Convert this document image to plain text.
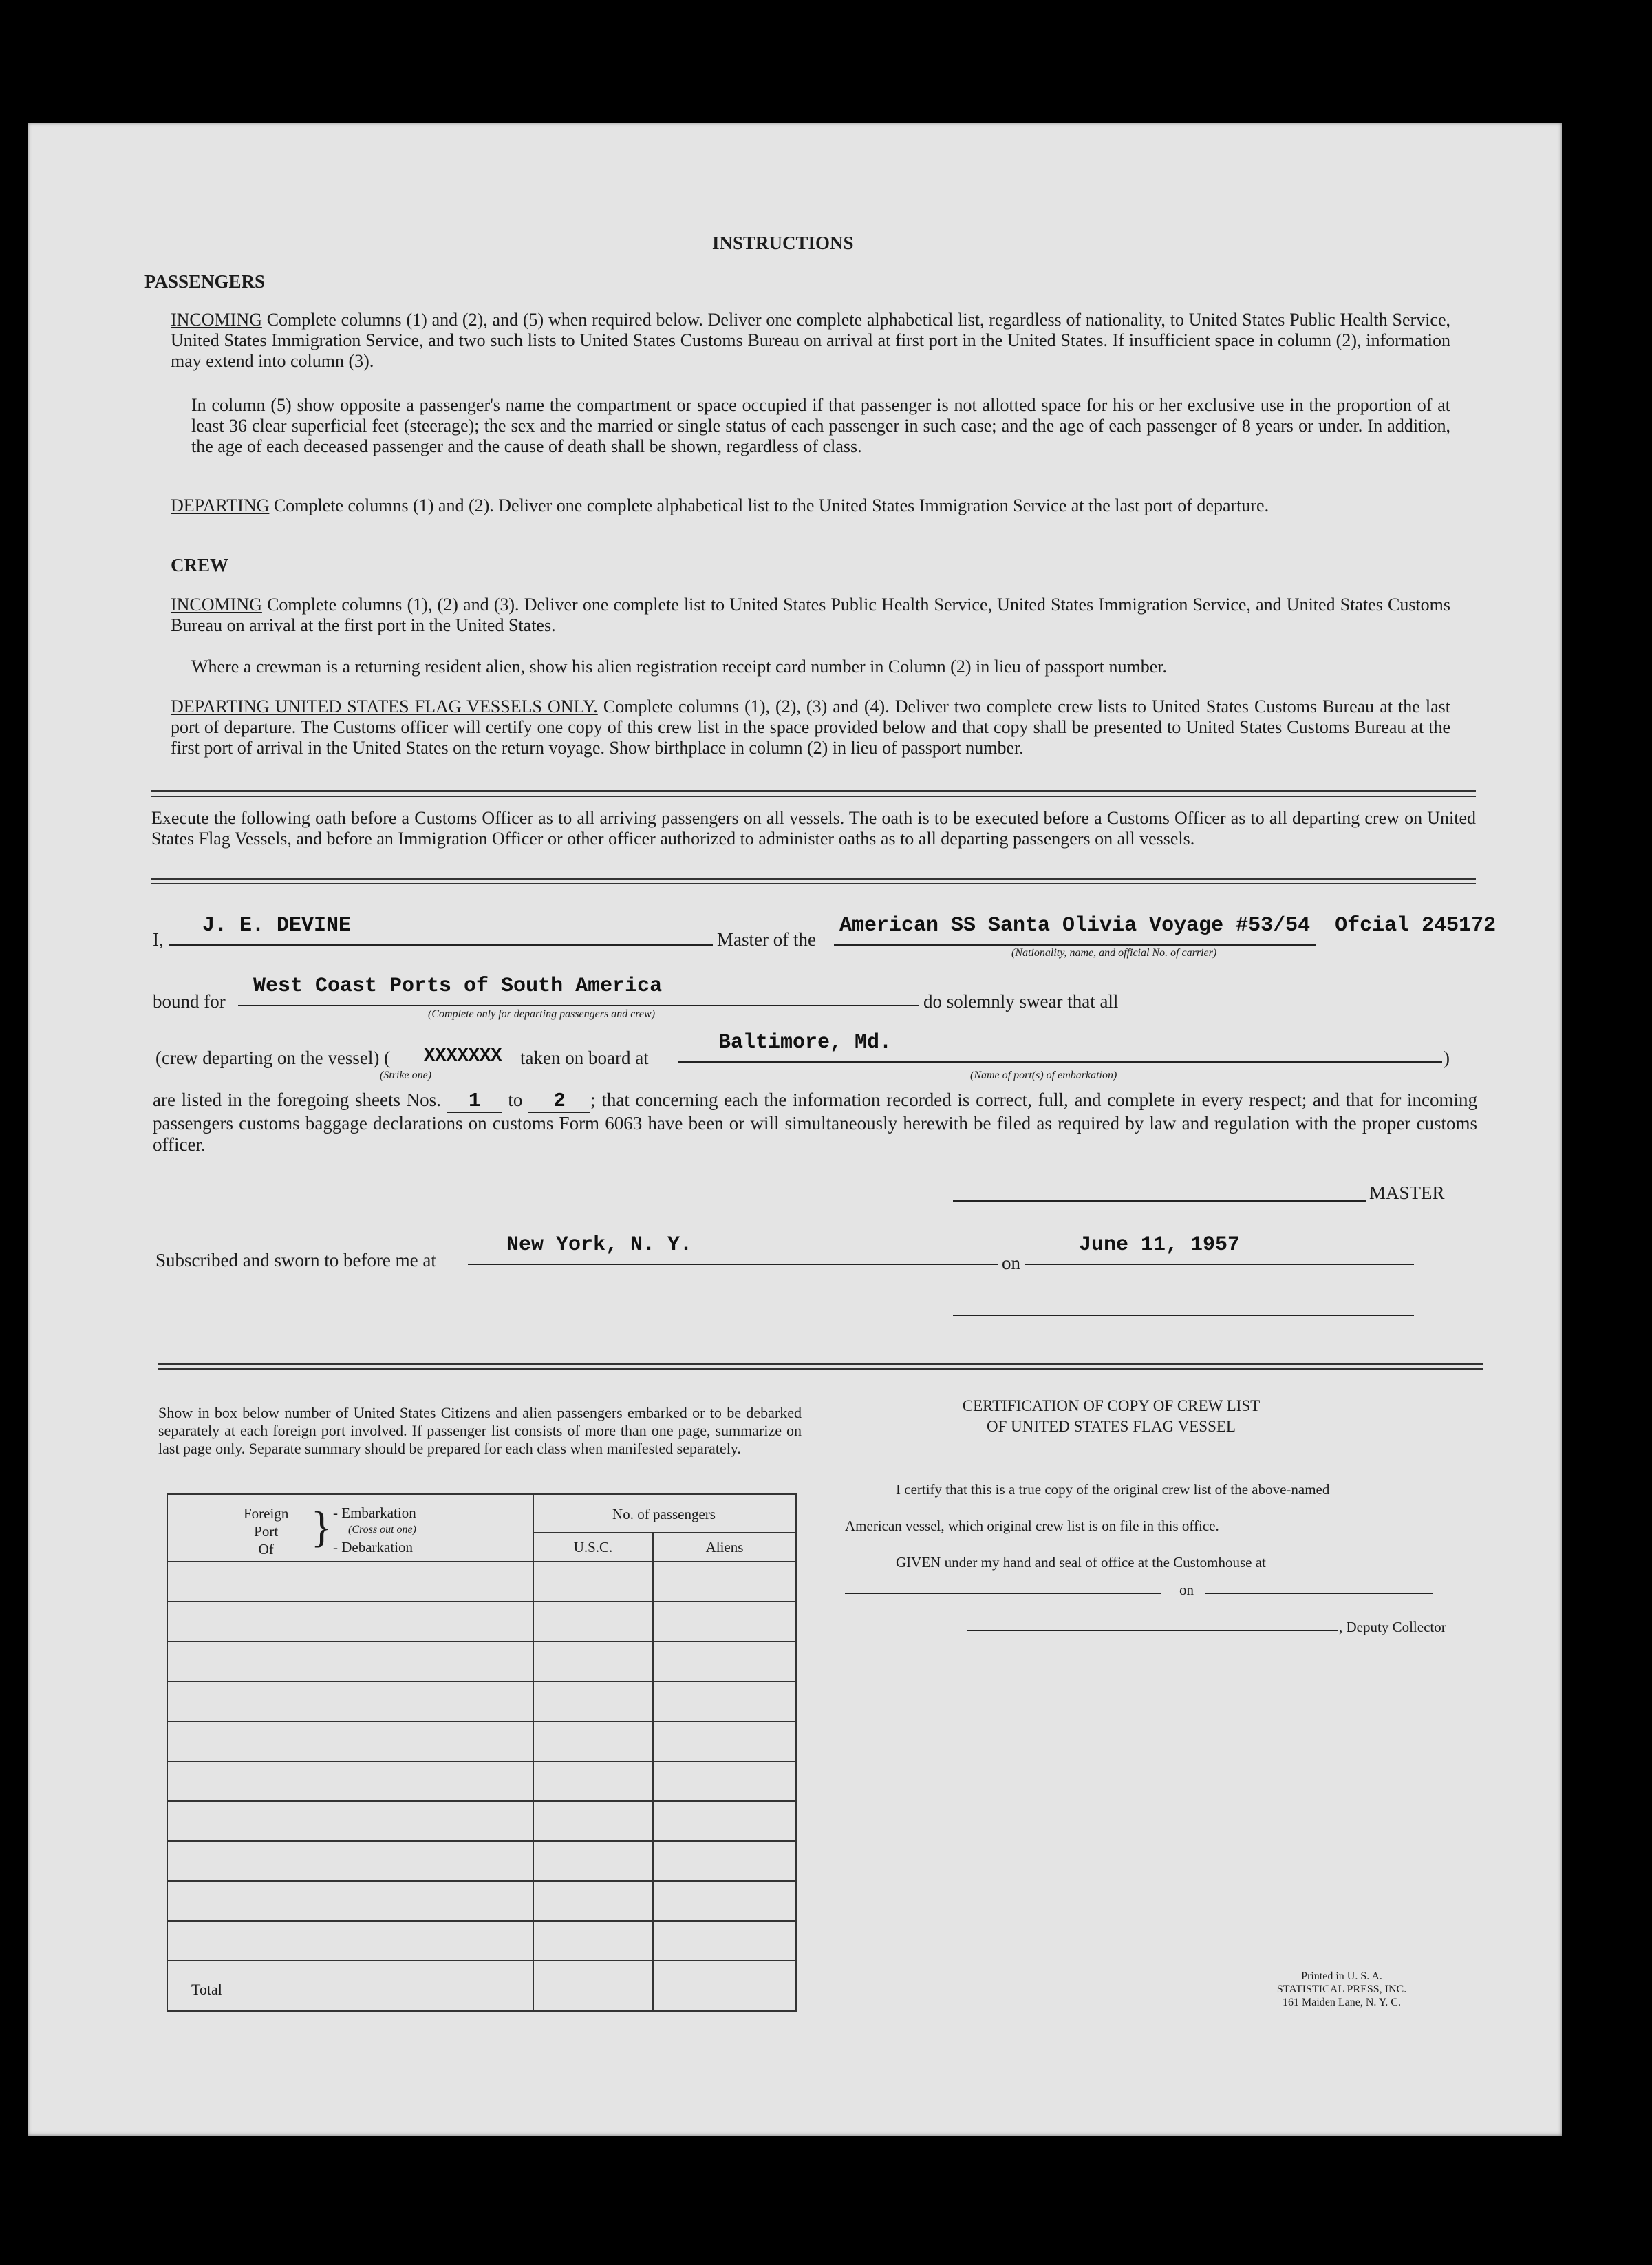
INSTRUCTIONS
PASSENGERS

INCOMING Complete columns (1) and (2), and (5) when required below. Deliver one complete alphabetical list, regardless of nationality, to United States Public Health Service, United States Immigration Service, and two such lists to United States Customs Bureau on arrival at first port in the United States. If insufficient space in column (2), information may extend into column (3).

In column (5) show opposite a passenger's name the compartment or space occupied if that passenger is not allotted space for his or her exclusive use in the proportion of at least 36 clear superficial feet (steerage); the sex and the married or single status of each passenger in such case; and the age of each passenger of 8 years or under. In addition, the age of each deceased passenger and the cause of death shall be shown, regardless of class.

DEPARTING Complete columns (1) and (2). Deliver one complete alphabetical list to the United States Immigration Service at the last port of departure.

CREW

INCOMING Complete columns (1), (2) and (3). Deliver one complete list to United States Public Health Service, United States Immigration Service, and United States Customs Bureau on arrival at the first port in the United States.

Where a crewman is a returning resident alien, show his alien registration receipt card number in Column (2) in lieu of passport number.

DEPARTING UNITED STATES FLAG VESSELS ONLY. Complete columns (1), (2), (3) and (4). Deliver two complete crew lists to United States Customs Bureau at the last port of departure. The Customs officer will certify one copy of this crew list in the space provided below and that copy shall be presented to United States Customs Bureau at the first port of arrival in the United States on the return voyage. Show birthplace in column (2) in lieu of passport number.

Execute the following oath before a Customs Officer as to all arriving passengers on all vessels. The oath is to be executed before a Customs Officer as to all departing crew on United States Flag Vessels, and before an Immigration Officer or other officer authorized to administer oaths as to all departing passengers on all vessels.

I,
J. E. DEVINE
Master of the
American SS Santa Olivia Voyage #53/54  Ofcial 245172
(Nationality, name, and official No. of carrier)
bound for
West Coast Ports of South America
(Complete only for departing passengers and crew)
do solemnly swear that all
(crew departing on the vessel) ( XXXXXXX
(Strike one)
taken on board at
Baltimore, Md.
)
(Name of port(s) of embarkation)

are listed in the foregoing sheets Nos. 1 to 2 ; that concerning each the information recorded is correct, full, and complete in every respect; and that for incoming passengers customs baggage declarations on customs Form 6063 have been or will simultaneously herewith be filed as required by law and regulation with the proper customs officer.

MASTER
Subscribed and sworn to before me at
New York, N. Y.
on
June 11, 1957

Show in box below number of United States Citizens and alien passengers embarked or to be debarked separately at each foreign port involved. If passenger list consists of more than one page, summarize on last page only. Separate summary should be prepared for each class when manifested separately.

Foreign
Port
Of } - Embarkation
(Cross out one)
- Debarkation
No. of passengers
U.S.C.	Aliens
Total
CERTIFICATION OF COPY OF CREW LIST
OF UNITED STATES FLAG VESSEL
I certify that this is a true copy of the original crew list of the above-named
American vessel, which original crew list is on file in this office.
GIVEN under my hand and seal of office at the Customhouse at
on
, Deputy Collector
Printed in U. S. A.
STATISTICAL PRESS, INC.
161 Maiden Lane, N. Y. C.
